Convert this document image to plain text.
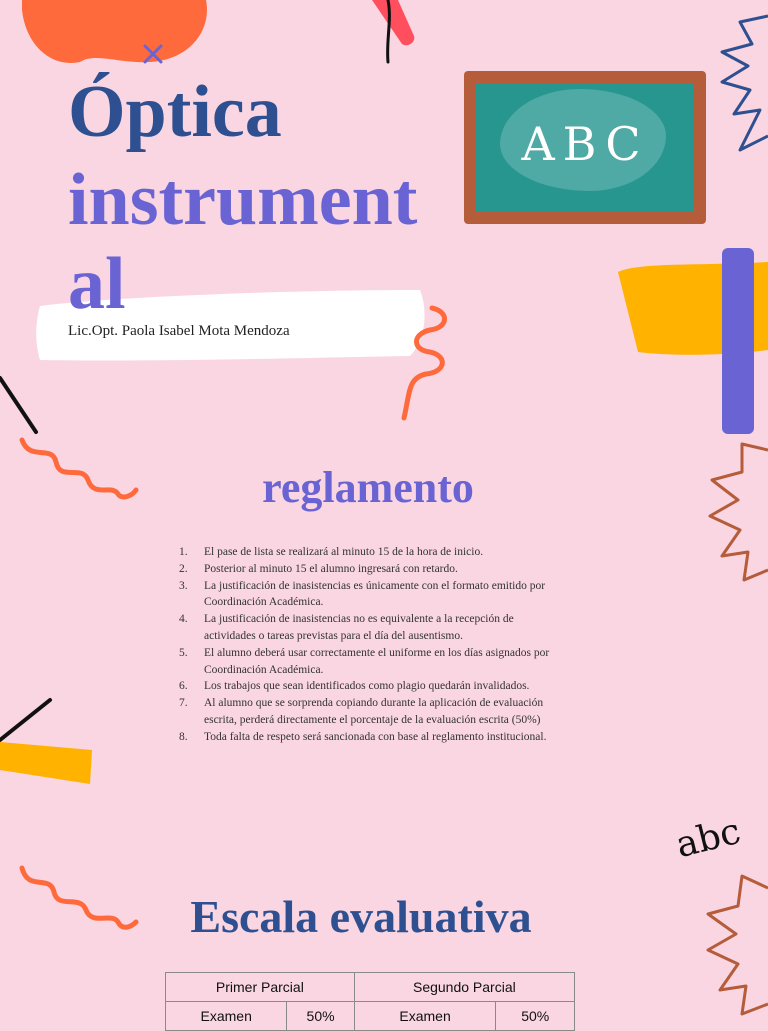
Óptica
instrumental
Lic.Opt. Paola Isabel Mota Mendoza
ABC
reglamento
1. El pase de lista se realizará al minuto 15 de la hora de inicio.
2. Posterior al minuto 15 el alumno ingresará con retardo.
3. La justificación de inasistencias es únicamente con el formato emitido por Coordinación Académica.
4. La justificación de inasistencias no es equivalente a la recepción de actividades o tareas previstas para el día del ausentismo.
5. El alumno deberá usar correctamente el uniforme en los días asignados por Coordinación Académica.
6. Los trabajos que sean identificados como plagio quedarán invalidados.
7. Al alumno que se sorprenda copiando durante la aplicación de evaluación escrita, perderá directamente el porcentaje de la evaluación escrita (50%)
8. Toda falta de respeto será sancionada con base al reglamento institucional.
abc
Escala evaluativa
Primer Parcial		Segundo Parcial	
Examen	50%	Examen	50%
